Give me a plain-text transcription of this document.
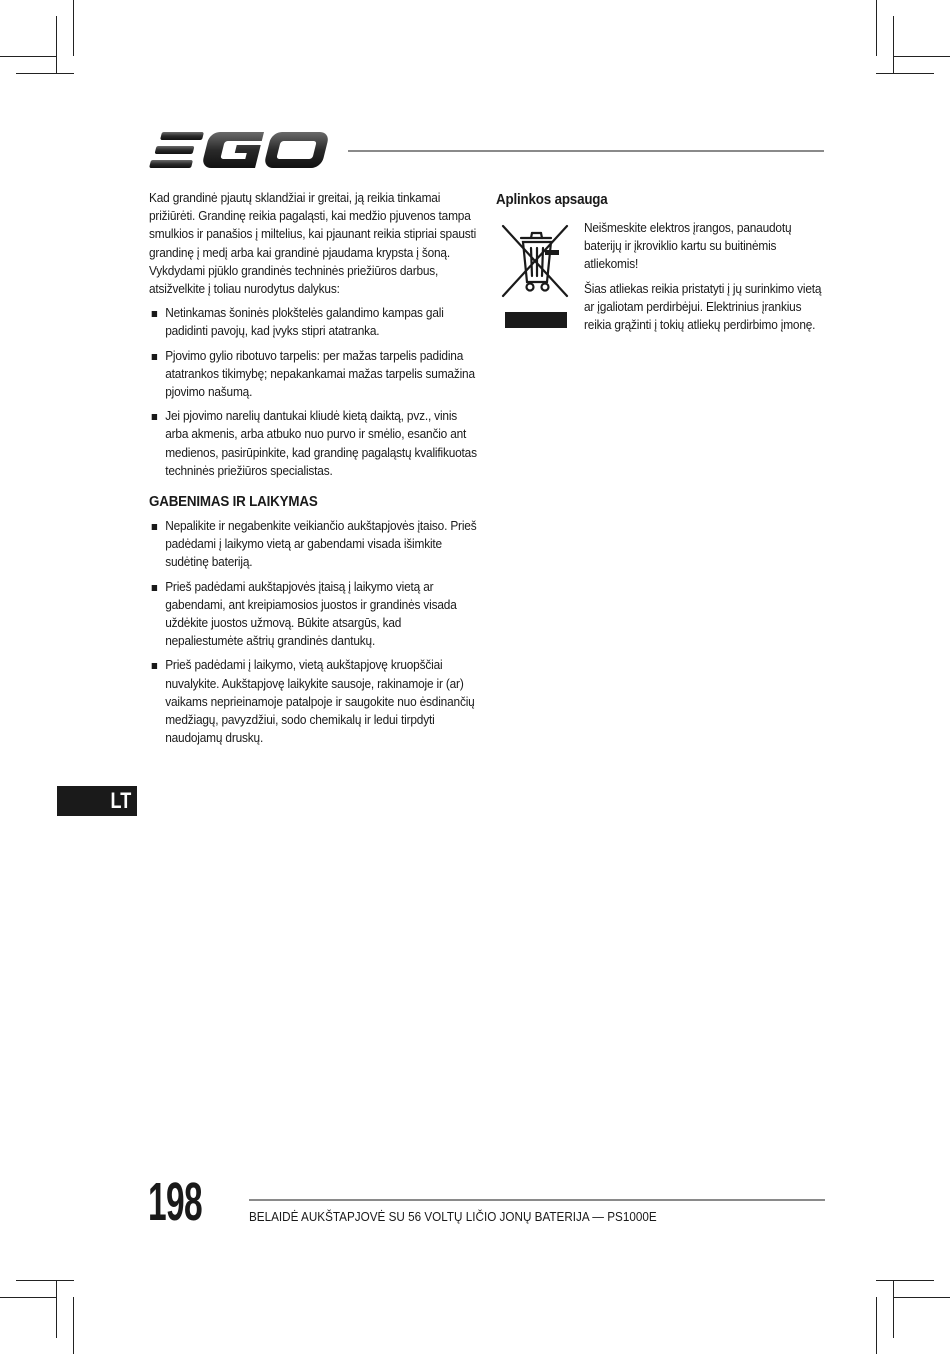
Kad grandinė pjautų sklandžiai ir greitai, ją reikia tinkamai prižiūrėti. Grandinę reikia pagaląsti, kai medžio pjuvenos tampa smulkios ir panašios į miltelius, kai pjaunant reikia stipriai spausti grandinę į medį arba kai grandinė pjaudama krypsta į šoną. Vykdydami pjūklo grandinės techninės priežiūros darbus, atsižvelkite į toliau nurodytus dalykus:

Netinkamas šoninės plokštelės galandimo kampas gali padidinti pavojų, kad įvyks stipri atatranka.
Pjovimo gylio ribotuvo tarpelis: per mažas tarpelis padidina atatrankos tikimybę; nepakankamai mažas tarpelis sumažina pjovimo našumą.
Jei pjovimo narelių dantukai kliudė kietą daiktą, pvz., vinis arba akmenis, arba atbuko nuo purvo ir smėlio, esančio ant medienos, pasirūpinkite, kad grandinę pagaląstų kvalifikuotas techninės priežiūros specialistas.
GABENIMAS IR LAIKYMAS
Nepalikite ir negabenkite veikiančio aukštapjovės įtaiso. Prieš padėdami į laikymo vietą ar gabendami visada išimkite sudėtinę bateriją.
Prieš padėdami aukštapjovės įtaisą į laikymo vietą ar gabendami, ant kreipiamosios juostos ir grandinės visada uždėkite juostos užmovą. Būkite atsargūs, kad nepaliestumėte aštrių grandinės dantukų.
Prieš padėdami į laikymo, vietą aukštapjovę kruopščiai nuvalykite. Aukštapjovę laikykite sausoje, rakinamoje ir (ar) vaikams neprieinamoje patalpoje ir saugokite nuo ėsdinančių medžiagų, pavyzdžiui, sodo chemikalų ir ledui tirpdyti naudojamų druskų.
Aplinkos apsauga

Neišmeskite elektros įrangos, panaudotų baterijų ir įkroviklio kartu su buitinėmis atliekomis!

Šias atliekas reikia pristatyti į jų surinkimo vietą ar įgaliotam perdirbėjui. Elektrinius įrankius reikia grąžinti į tokių atliekų perdirbimo įmonę.

LT
198	BELAIDĖ AUKŠTAPJOVĖ SU 56 VOLTŲ LIČIO JONŲ BATERIJA — PS1000E
